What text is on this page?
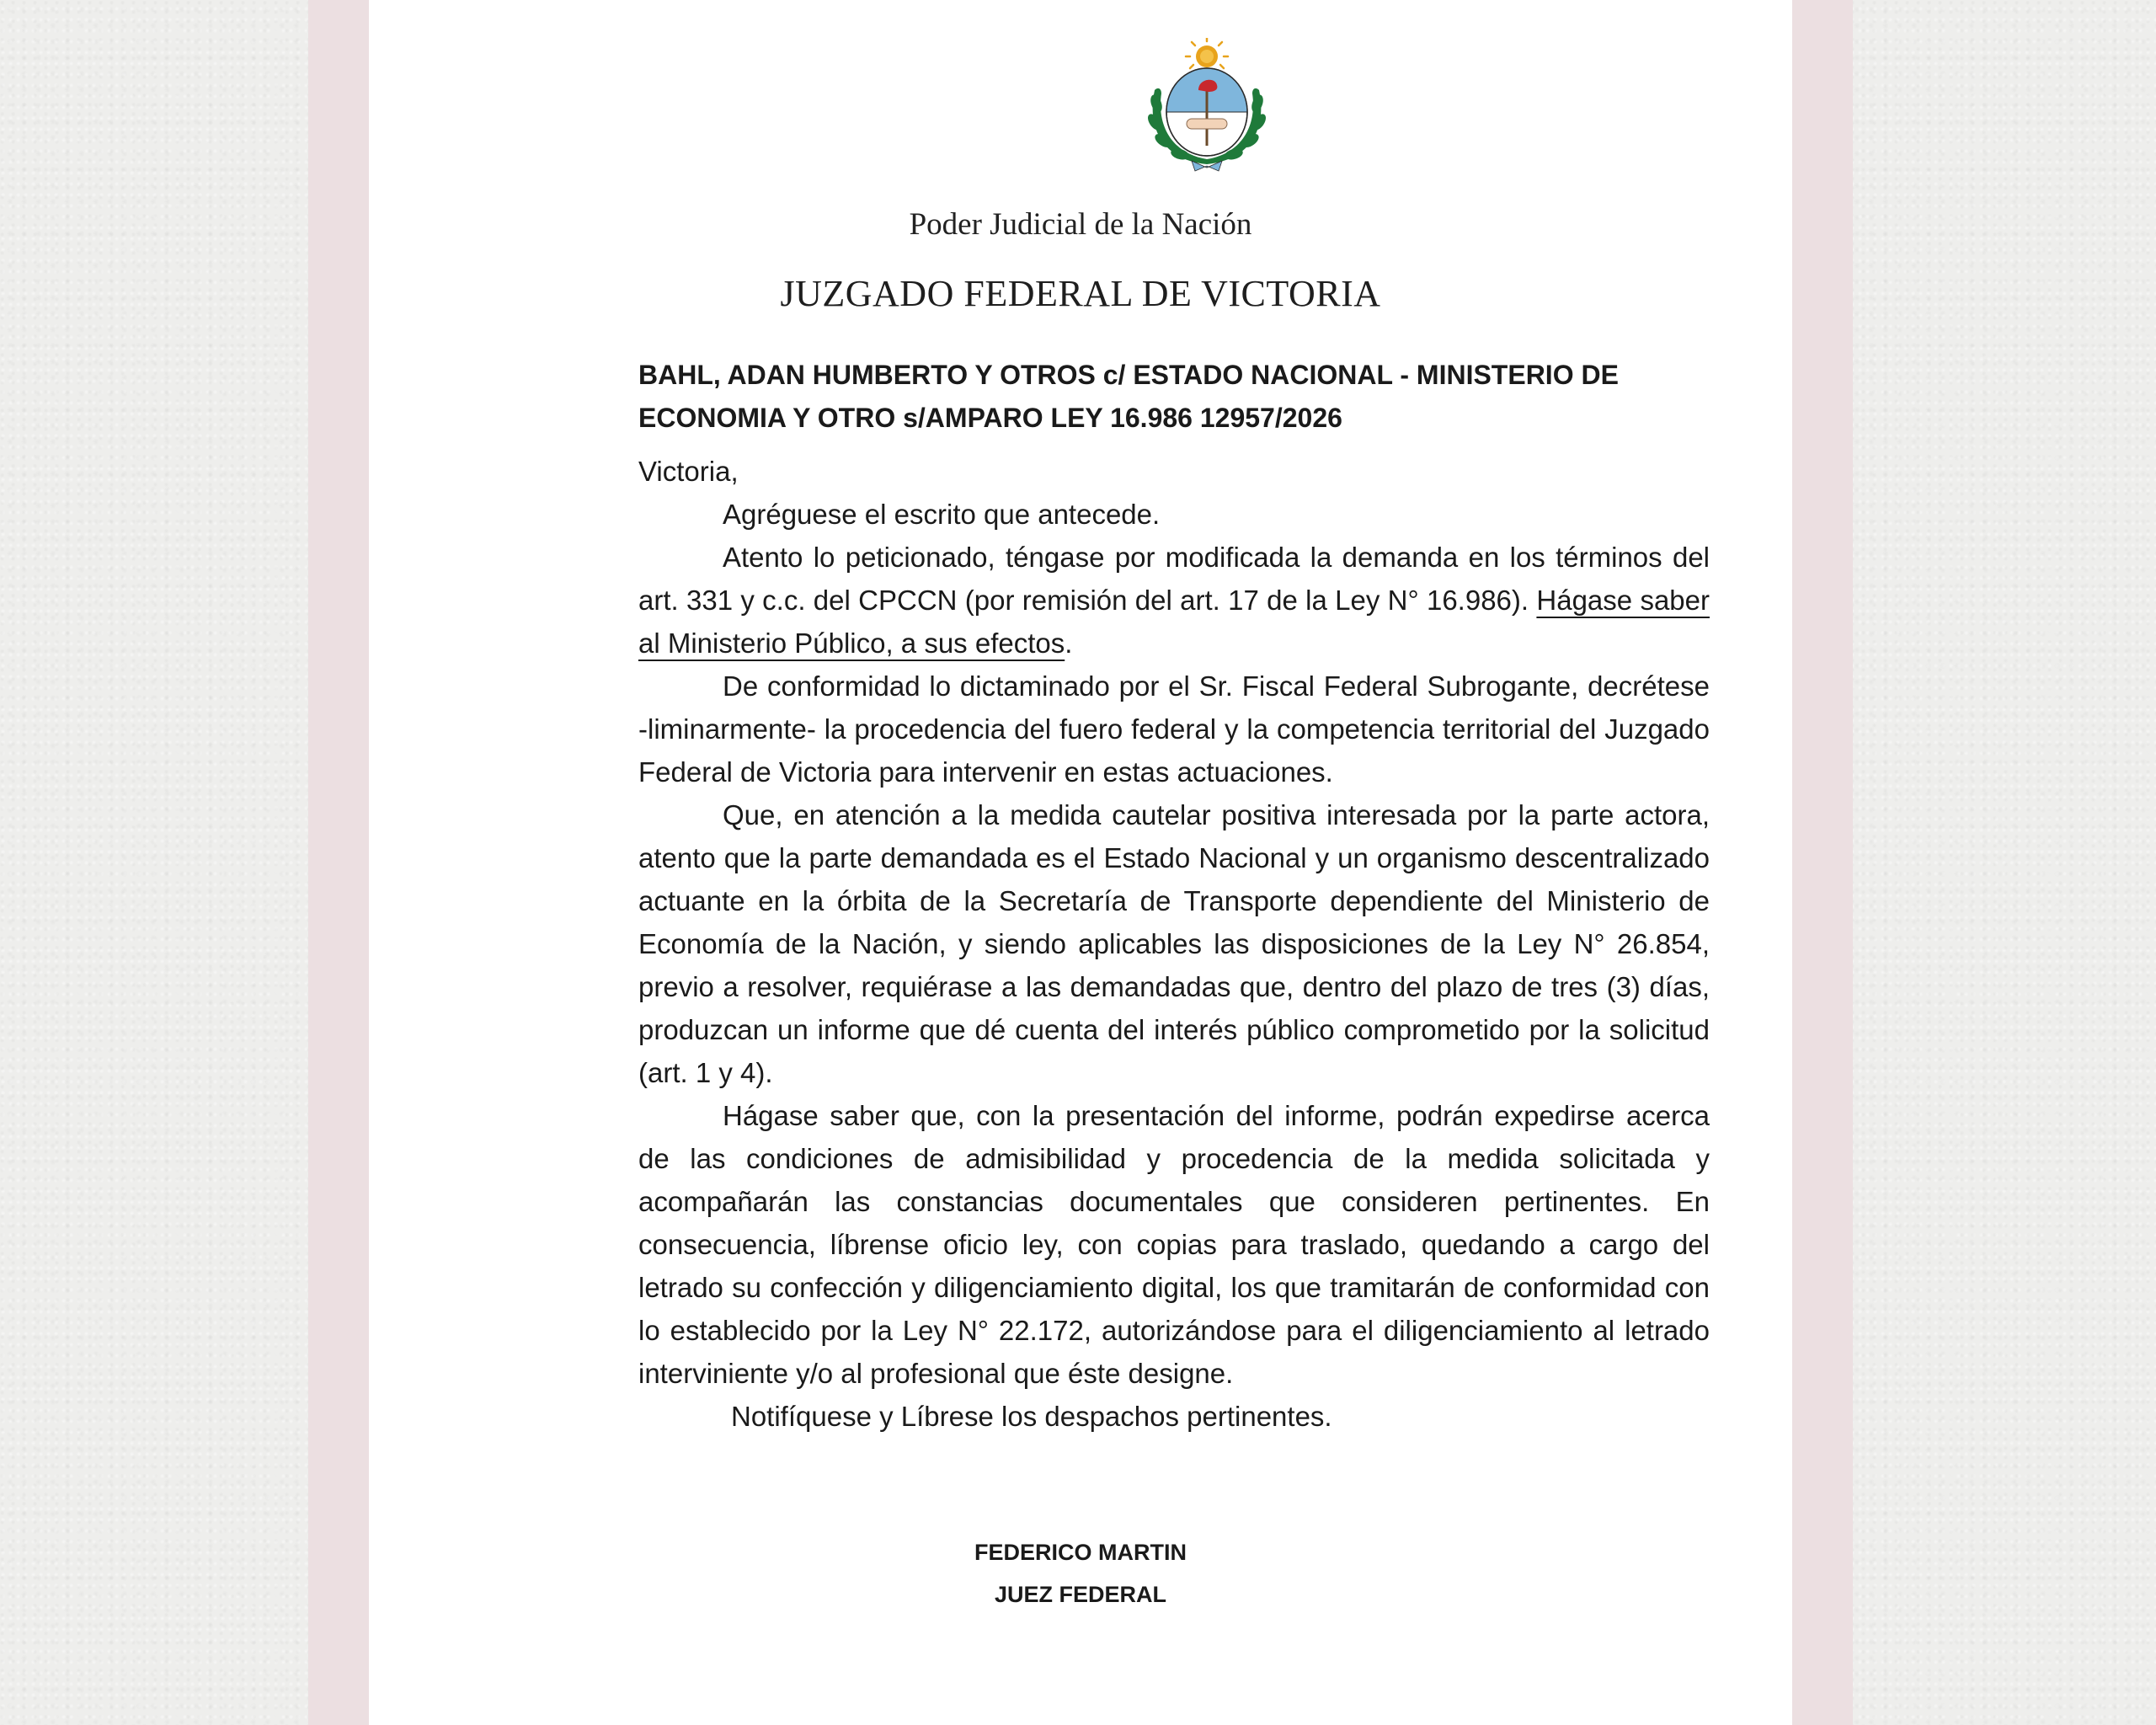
Poder Judicial de la Nación
JUZGADO FEDERAL DE VICTORIA

BAHL, ADAN HUMBERTO Y OTROS c/ ESTADO NACIONAL - MINISTERIO DE ECONOMIA Y OTRO s/AMPARO LEY 16.986 12957/2026

Victoria,

Agréguese el escrito que antecede.

Atento lo peticionado, téngase por modificada la demanda en los términos del art. 331 y c.c. del CPCCN (por remisión del art. 17 de la Ley N° 16.986). Hágase saber al Ministerio Público, a sus efectos.

De conformidad lo dictaminado por el Sr. Fiscal Federal Subrogante, decrétese -liminarmente- la procedencia del fuero federal y la competencia territorial del Juzgado Federal de Victoria para intervenir en estas actuaciones.

Que, en atención a la medida cautelar positiva interesada por la parte actora, atento que la parte demandada es el Estado Nacional y un organismo descentralizado actuante en la órbita de la Secretaría de Transporte dependiente del Ministerio de Economía de la Nación, y siendo aplicables las disposiciones de la Ley N° 26.854, previo a resolver, requiérase a las demandadas que, dentro del plazo de tres (3) días, produzcan un informe que dé cuenta del interés público comprometido por la solicitud (art. 1 y 4).

Hágase saber que, con la presentación del informe, podrán expedirse acerca de las condiciones de admisibilidad y procedencia de la medida solicitada y acompañarán las constancias documentales que consideren pertinentes. En consecuencia, líbrense oficio ley, con copias para traslado, quedando a cargo del letrado su confección y diligenciamiento digital, los que tramitarán de conformidad con lo establecido por la Ley N° 22.172, autorizándose para el diligenciamiento al letrado interviniente y/o al profesional que éste designe.

Notifíquese y Líbrese los despachos pertinentes.

FEDERICO MARTIN
JUEZ FEDERAL
